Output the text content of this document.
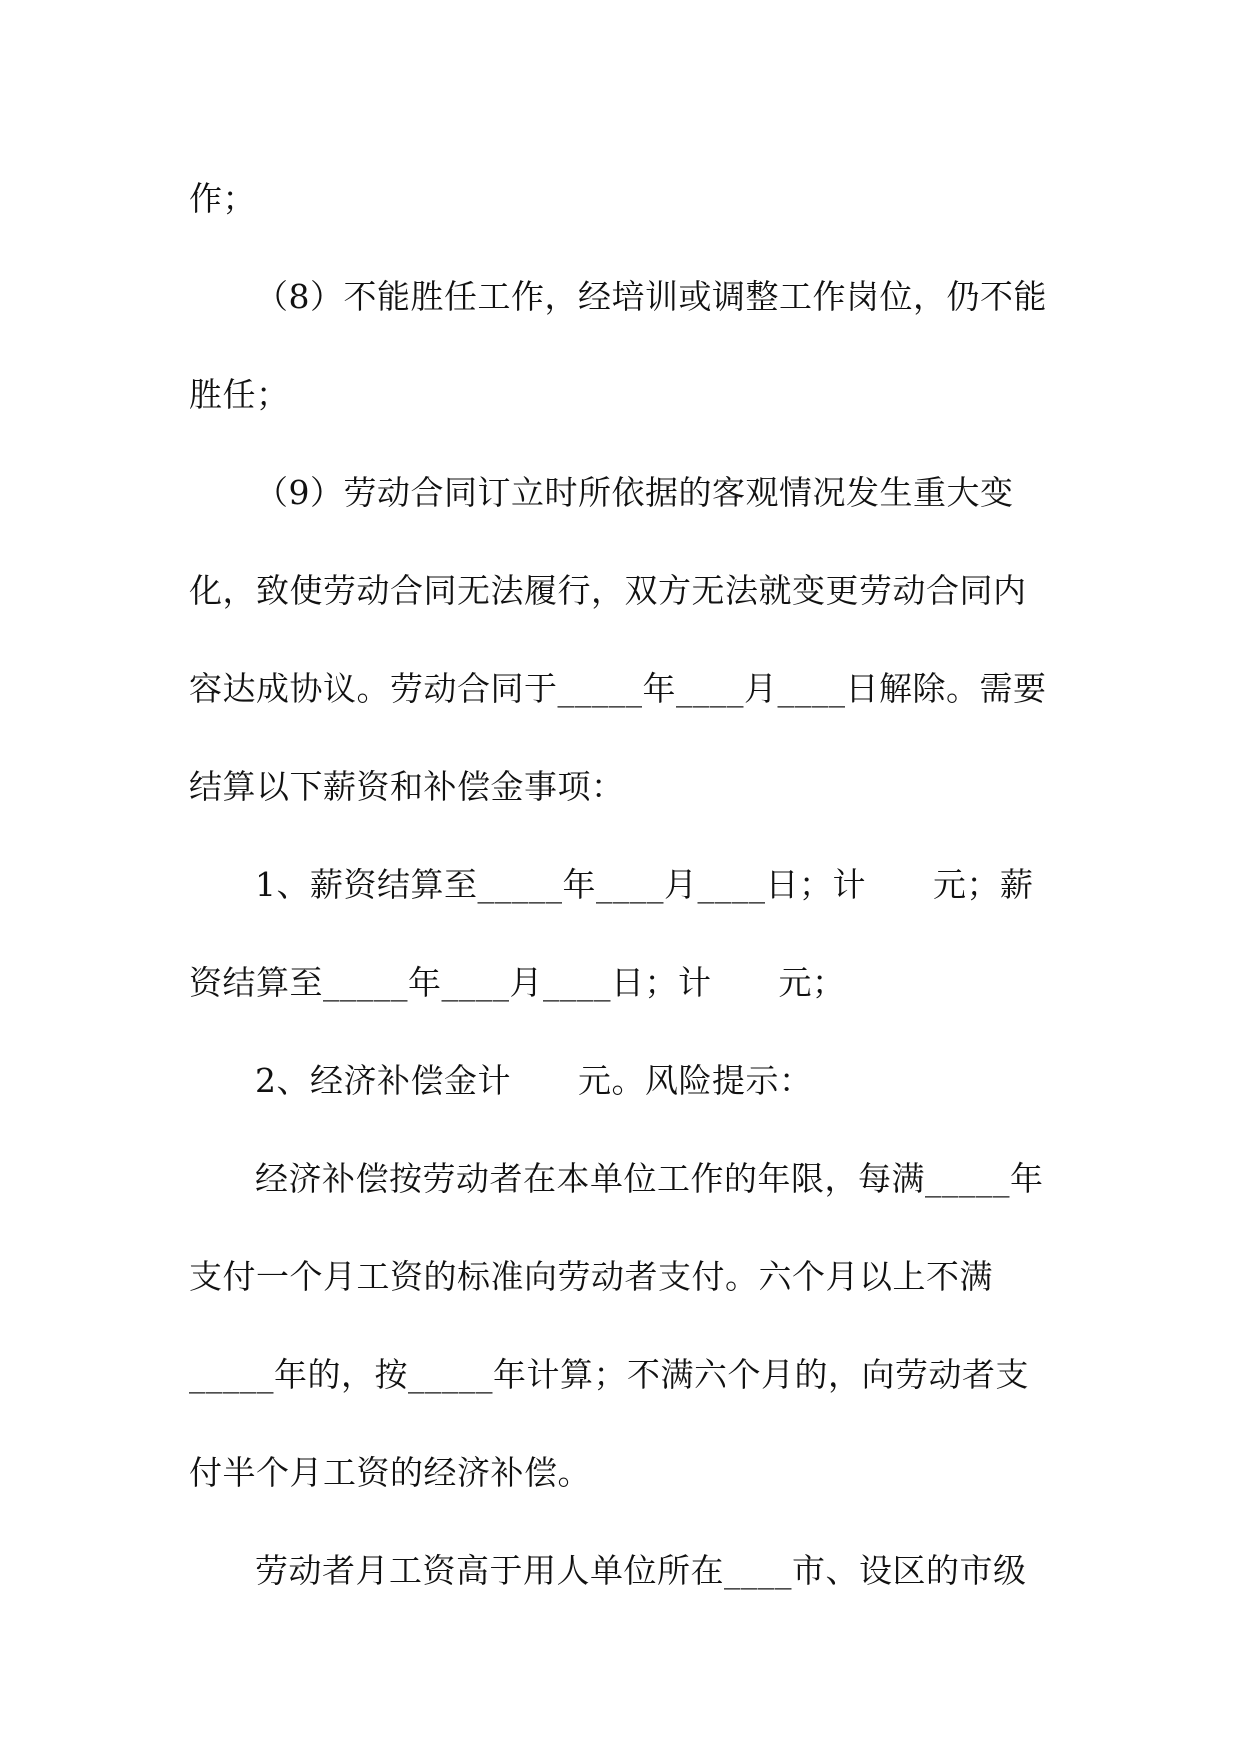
作；

（8）不能胜任工作，经培训或调整工作岗位，仍不能

胜任；

（9）劳动合同订立时所依据的客观情况发生重大变

化，致使劳动合同无法履行，双方无法就变更劳动合同内

容达成协议。劳动合同于_____年____月____日解除。需要

结算以下薪资和补偿金事项：

1、薪资结算至_____年____月____日；计　　元；薪

资结算至_____年____月____日；计　　元；

2、经济补偿金计　　元。风险提示：

经济补偿按劳动者在本单位工作的年限，每满_____年

支付一个月工资的标准向劳动者支付。六个月以上不满

_____年的，按_____年计算；不满六个月的，向劳动者支

付半个月工资的经济补偿。

劳动者月工资高于用人单位所在____市、设区的市级
